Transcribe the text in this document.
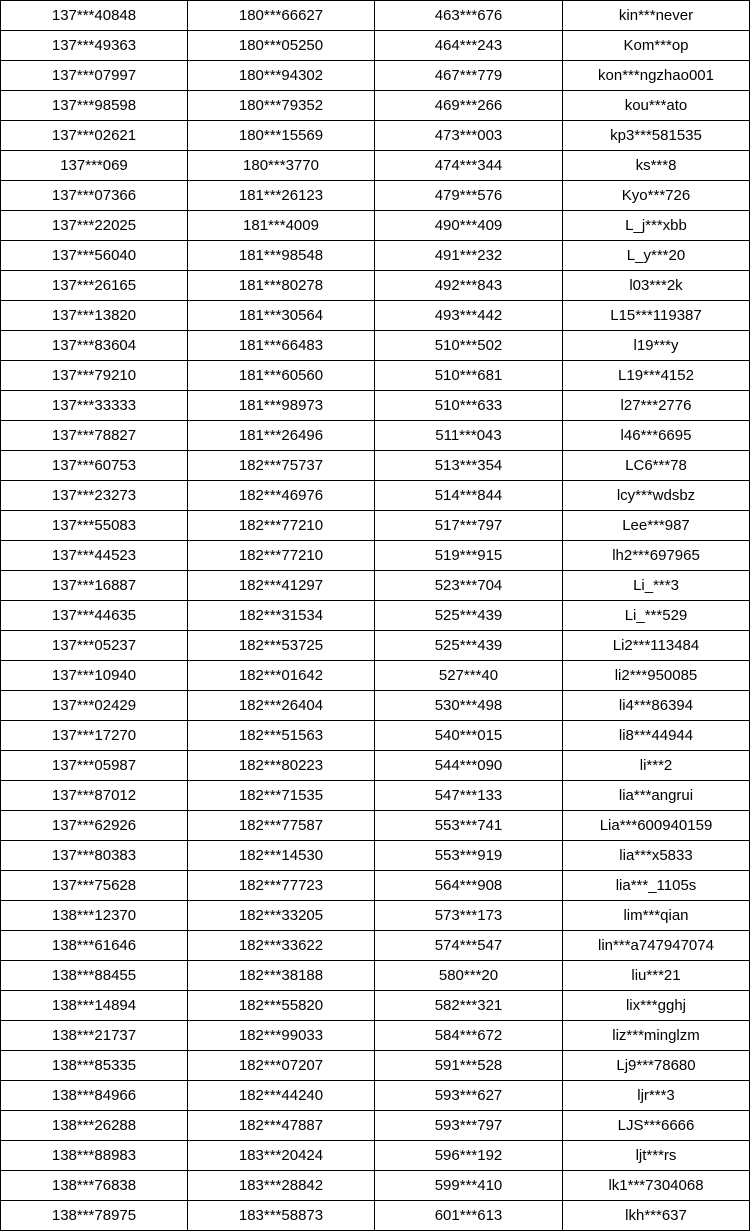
137***40848	180***66627	463***676	kin***never
137***49363	180***05250	464***243	Kom***op
137***07997	180***94302	467***779	kon***ngzhao001
137***98598	180***79352	469***266	kou***ato
137***02621	180***15569	473***003	kp3***581535
137***069	180***3770	474***344	ks***8
137***07366	181***26123	479***576	Kyo***726
137***22025	181***4009	490***409	L_j***xbb
137***56040	181***98548	491***232	L_y***20
137***26165	181***80278	492***843	l03***2k
137***13820	181***30564	493***442	L15***119387
137***83604	181***66483	510***502	l19***y
137***79210	181***60560	510***681	L19***4152
137***33333	181***98973	510***633	l27***2776
137***78827	181***26496	511***043	l46***6695
137***60753	182***75737	513***354	LC6***78
137***23273	182***46976	514***844	lcy***wdsbz
137***55083	182***77210	517***797	Lee***987
137***44523	182***77210	519***915	lh2***697965
137***16887	182***41297	523***704	Li_***3
137***44635	182***31534	525***439	Li_***529
137***05237	182***53725	525***439	Li2***113484
137***10940	182***01642	527***40	li2***950085
137***02429	182***26404	530***498	li4***86394
137***17270	182***51563	540***015	li8***44944
137***05987	182***80223	544***090	li***2
137***87012	182***71535	547***133	lia***angrui
137***62926	182***77587	553***741	Lia***600940159
137***80383	182***14530	553***919	lia***x5833
137***75628	182***77723	564***908	lia***_1105s
138***12370	182***33205	573***173	lim***qian
138***61646	182***33622	574***547	lin***a747947074
138***88455	182***38188	580***20	liu***21
138***14894	182***55820	582***321	lix***gghj
138***21737	182***99033	584***672	liz***minglzm
138***85335	182***07207	591***528	Lj9***78680
138***84966	182***44240	593***627	ljr***3
138***26288	182***47887	593***797	LJS***6666
138***88983	183***20424	596***192	ljt***rs
138***76838	183***28842	599***410	lk1***7304068
138***78975	183***58873	601***613	lkh***637
